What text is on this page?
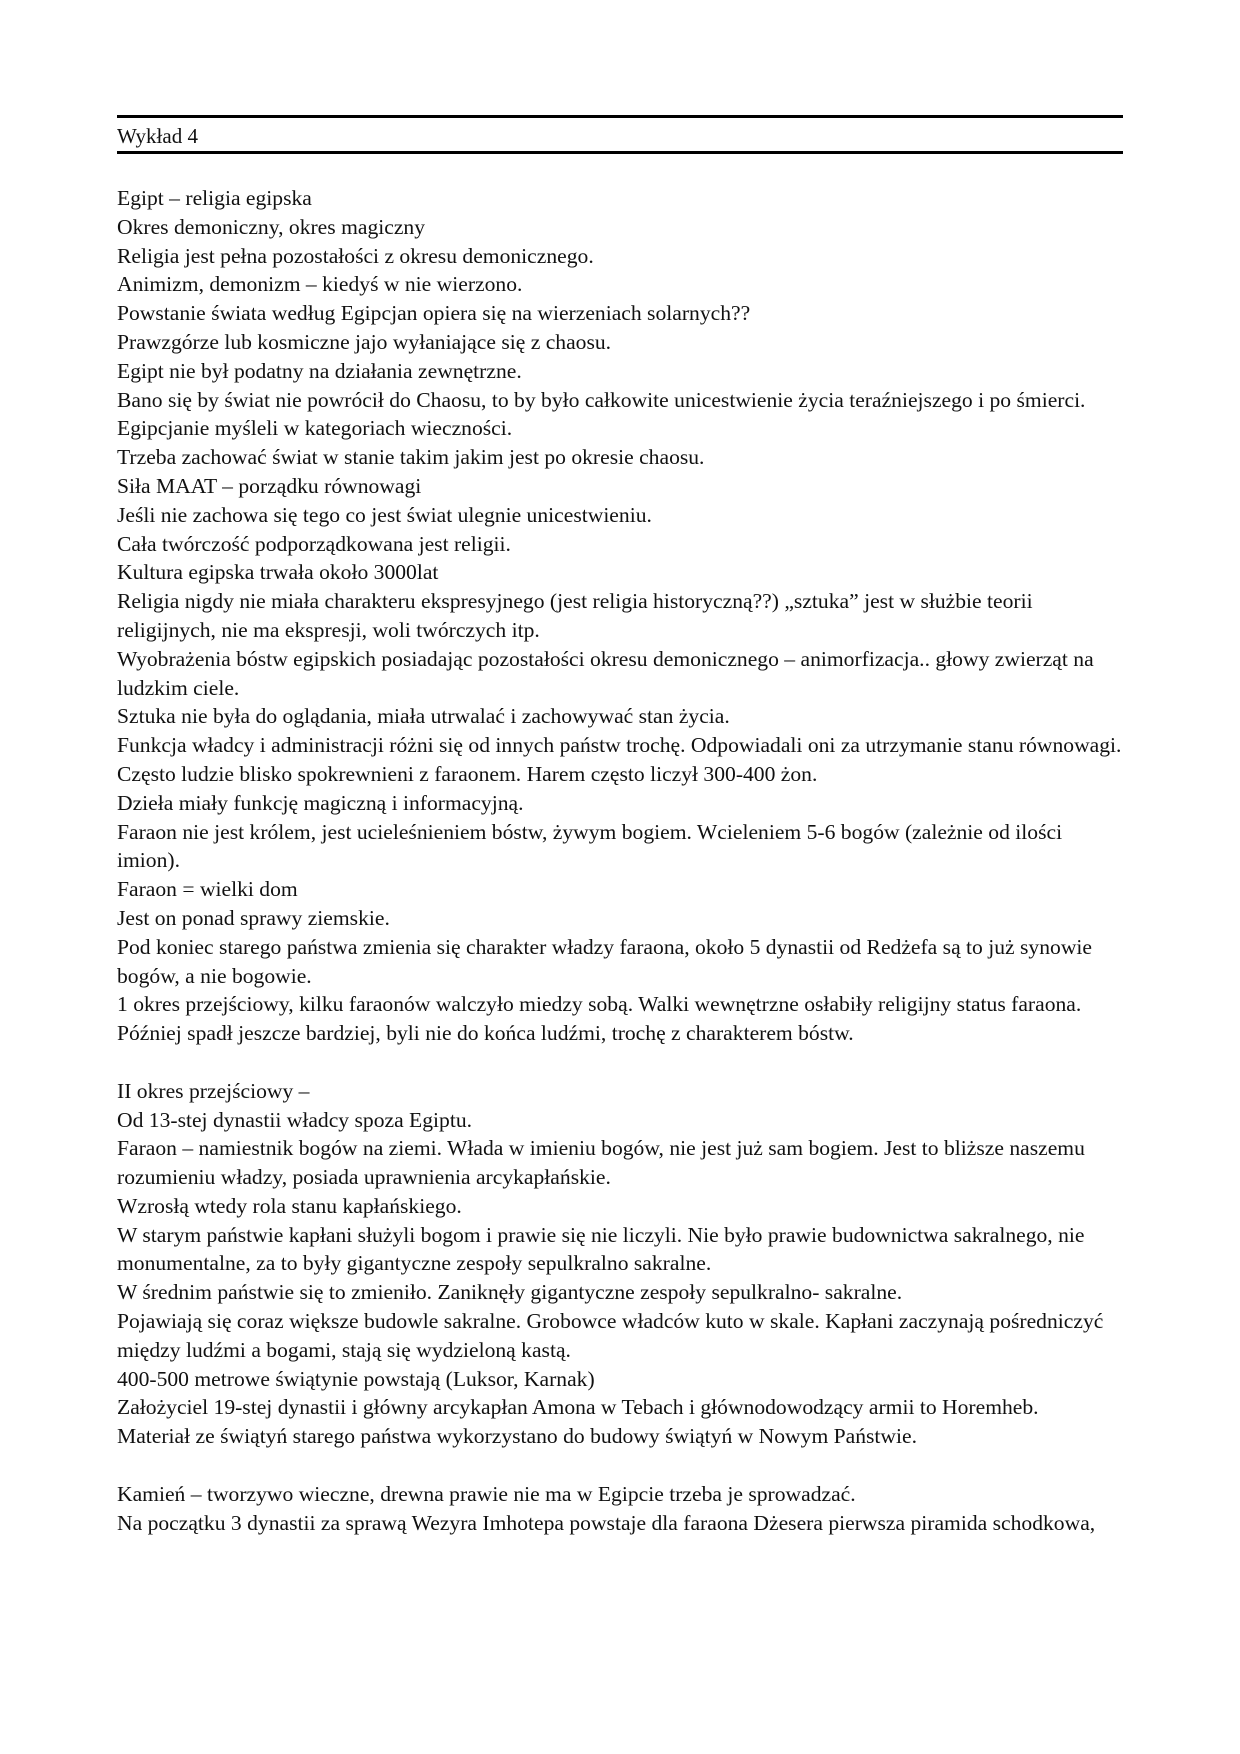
Wykład 4

Egipt – religia egipska

Okres demoniczny, okres magiczny

Religia jest pełna pozostałości z okresu demonicznego.

Animizm, demonizm – kiedyś w nie wierzono.

Powstanie świata według Egipcjan opiera się na wierzeniach solarnych??

Prawzgórze lub kosmiczne jajo wyłaniające się z chaosu.

Egipt nie był podatny na działania zewnętrzne.

Bano się by świat nie powrócił do Chaosu, to by było całkowite unicestwienie życia teraźniejszego i po śmierci. Egipcjanie myśleli w kategoriach wieczności.

Trzeba zachować świat w stanie takim jakim jest po okresie chaosu.

Siła MAAT – porządku równowagi

Jeśli nie zachowa się tego co jest świat ulegnie unicestwieniu.

Cała twórczość podporządkowana jest religii.

Kultura egipska trwała około 3000lat

Religia nigdy nie miała charakteru ekspresyjnego (jest religia historyczną??) „sztuka” jest w służbie teorii religijnych, nie ma ekspresji, woli twórczych itp.

Wyobrażenia bóstw egipskich posiadając pozostałości okresu demonicznego – animorfizacja.. głowy zwierząt na ludzkim ciele.

Sztuka nie była do oglądania, miała utrwalać i zachowywać stan życia.

Funkcja władcy i administracji różni się od innych państw trochę. Odpowiadali oni za utrzymanie stanu równowagi. Często ludzie blisko spokrewnieni z faraonem. Harem często liczył 300-400 żon.

Dzieła miały funkcję magiczną i informacyjną.

Faraon nie jest królem, jest ucieleśnieniem bóstw, żywym bogiem. Wcieleniem 5-6 bogów (zależnie od ilości imion).

Faraon = wielki dom

Jest on ponad sprawy ziemskie.

Pod koniec starego państwa zmienia się charakter władzy faraona, około 5 dynastii od Redżefa są to już synowie bogów, a nie bogowie.

1 okres przejściowy, kilku faraonów walczyło miedzy sobą. Walki wewnętrzne osłabiły religijny status faraona.

Później spadł jeszcze bardziej, byli nie do końca ludźmi, trochę z charakterem bóstw.

II okres przejściowy –

Od 13-stej dynastii władcy spoza Egiptu.

Faraon – namiestnik bogów na ziemi. Włada w imieniu bogów, nie jest już sam bogiem. Jest to bliższe naszemu rozumieniu władzy, posiada uprawnienia arcykapłańskie.

Wzrosłą wtedy rola stanu kapłańskiego.

W starym państwie kapłani służyli bogom i prawie się nie liczyli. Nie było prawie budownictwa sakralnego, nie monumentalne, za to były gigantyczne zespoły sepulkralno sakralne.

W średnim państwie się to zmieniło. Zaniknęły gigantyczne zespoły sepulkralno- sakralne.

Pojawiają się coraz większe budowle sakralne. Grobowce władców kuto w skale. Kapłani zaczynają pośredniczyć między ludźmi a bogami, stają się wydzieloną kastą.

400-500 metrowe świątynie powstają (Luksor, Karnak)

Założyciel 19-stej dynastii i główny arcykapłan Amona w Tebach i głównodowodzący armii to Horemheb.

Materiał ze świątyń starego państwa wykorzystano do budowy świątyń w Nowym Państwie.

Kamień – tworzywo wieczne, drewna prawie nie ma w Egipcie trzeba je sprowadzać.

Na początku 3 dynastii za sprawą Wezyra Imhotepa powstaje dla faraona Dżesera pierwsza piramida schodkowa,
